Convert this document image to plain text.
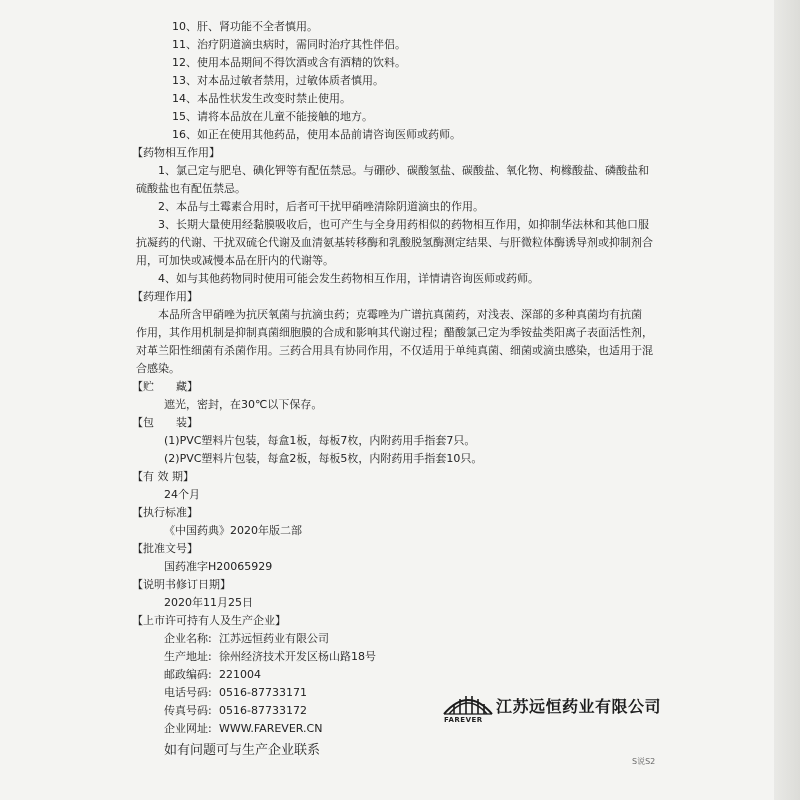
10、肝、肾功能不全者慎用。
11、治疗阴道滴虫病时，需同时治疗其性伴侣。
12、使用本品期间不得饮酒或含有酒精的饮料。
13、对本品过敏者禁用，过敏体质者慎用。
14、本品性状发生改变时禁止使用。
15、请将本品放在儿童不能接触的地方。
16、如正在使用其他药品，使用本品前请咨询医师或药师。
【药物相互作用】
1、氯己定与肥皂、碘化钾等有配伍禁忌。与硼砂、碳酸氢盐、碳酸盐、氧化物、枸橼酸盐、磷酸盐和
硫酸盐也有配伍禁忌。
2、本品与土霉素合用时，后者可干扰甲硝唑清除阴道滴虫的作用。
3、长期大量使用经黏膜吸收后，也可产生与全身用药相似的药物相互作用，如抑制华法林和其他口服
抗凝药的代谢、干扰双硫仑代谢及血清氨基转移酶和乳酸脱氢酶测定结果、与肝微粒体酶诱导剂或抑制剂合
用，可加快或减慢本品在肝内的代谢等。
4、如与其他药物同时使用可能会发生药物相互作用，详情请咨询医师或药师。
【药理作用】
本品所含甲硝唑为抗厌氧菌与抗滴虫药；克霉唑为广谱抗真菌药，对浅表、深部的多种真菌均有抗菌
作用，其作用机制是抑制真菌细胞膜的合成和影响其代谢过程；醋酸氯己定为季铵盐类阳离子表面活性剂，
对革兰阳性细菌有杀菌作用。三药合用具有协同作用，不仅适用于单纯真菌、细菌或滴虫感染，也适用于混
合感染。
【贮　　藏】
遮光，密封，在30℃以下保存。
【包　　装】
(1)PVC塑料片包装，每盒1板，每板7枚，内附药用手指套7只。
(2)PVC塑料片包装，每盒2板，每板5枚，内附药用手指套10只。
【有 效 期】
24个月
【执行标准】
《中国药典》2020年版二部
【批准文号】
国药准字H20065929
【说明书修订日期】
2020年11月25日
【上市许可持有人及生产企业】
企业名称: 江苏远恒药业有限公司
生产地址: 徐州经济技术开发区杨山路18号
邮政编码: 221004
电话号码: 0516-87733171
传真号码: 0516-87733172
企业网址: WWW.FAREVER.CN
如有问题可与生产企业联系
FAREVER
江苏远恒药业有限公司
S说S2
